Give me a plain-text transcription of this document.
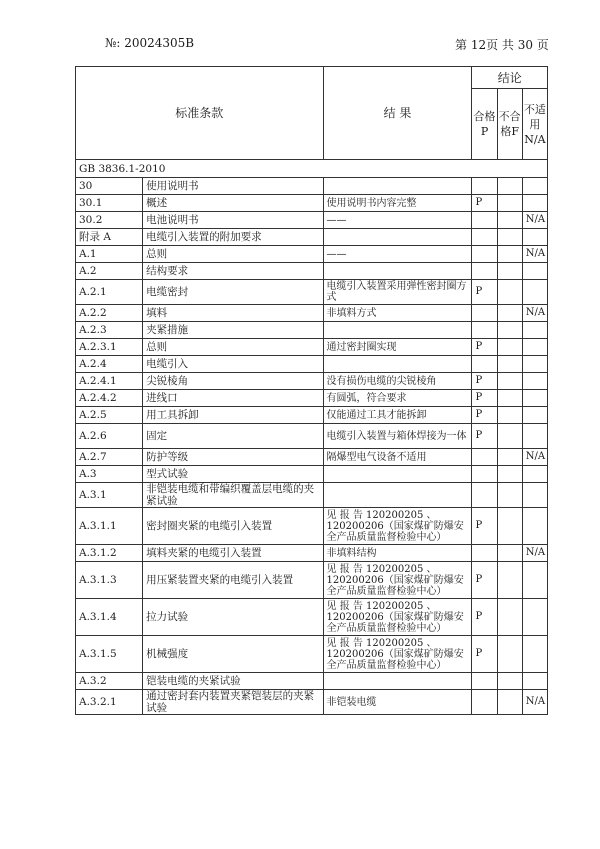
№: 20024305B	第 12页 共 30 页
标准条款		结 果	结论		
			合格P	不合格F	不适用N/A
GB 3836.1-2010					
30	使用说明书				
30.1	概述	使用说明书内容完整	P		
30.2	电池说明书	——			N/A
附录 A	电缆引入装置的附加要求				
A.1	总则	——			N/A
A.2	结构要求				
A.2.1	电缆密封	电缆引入装置采用弹性密封圈方式	P		
A.2.2	填料	非填料方式			N/A
A.2.3	夹紧措施				
A.2.3.1	总则	通过密封圈实现	P		
A.2.4	电缆引入				
A.2.4.1	尖锐棱角	没有损伤电缆的尖锐棱角	P		
A.2.4.2	进线口	有圆弧，符合要求	P		
A.2.5	用工具拆卸	仅能通过工具才能拆卸	P		
A.2.6	固定	电缆引入装置与箱体焊接为一体	P		
A.2.7	防护等级	隔爆型电气设备不适用			N/A
A.3	型式试验				
A.3.1	非铠装电缆和带编织覆盖层电缆的夹紧试验				
A.3.1.1	密封圈夹紧的电缆引入装置	见 报 告 120200205 、120200206（国家煤矿防爆安全产品质量监督检验中心）	P		
A.3.1.2	填料夹紧的电缆引入装置	非填料结构			N/A
A.3.1.3	用压紧装置夹紧的电缆引入装置	见 报 告 120200205 、120200206（国家煤矿防爆安全产品质量监督检验中心）	P		
A.3.1.4	拉力试验	见 报 告 120200205 、120200206（国家煤矿防爆安全产品质量监督检验中心）	P		
A.3.1.5	机械强度	见 报 告 120200205 、120200206（国家煤矿防爆安全产品质量监督检验中心）	P		
A.3.2	铠装电缆的夹紧试验				
A.3.2.1	通过密封套内装置夹紧铠装层的夹紧试验	非铠装电缆			N/A
